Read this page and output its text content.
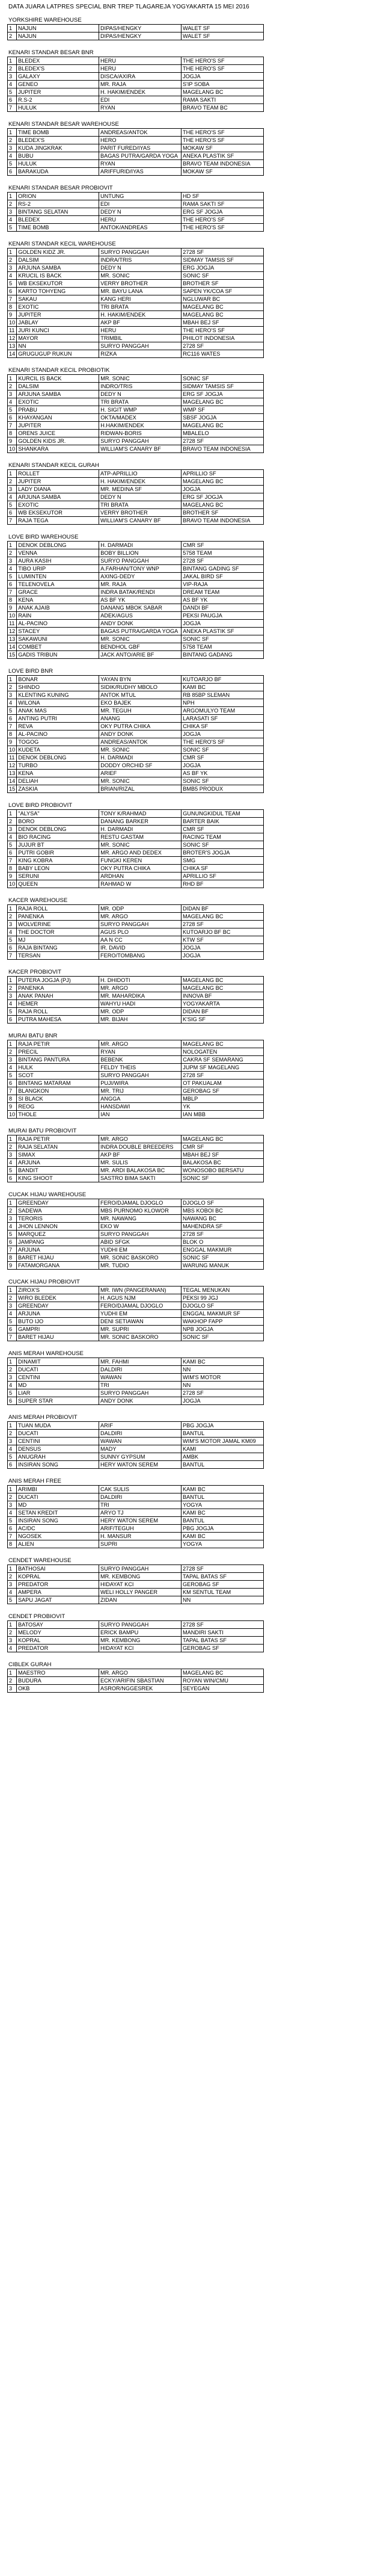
DATA JUARA LATPRES SPECIAL BNR TREP TLAGAREJA YOGYAKARTA 15 MEI 2016
YORKSHIRE WAREHOUSE
1	NAJUN	DIPAS/HENGKY	WALET SF
2	NAJUN	DIPAS/HENGKY	WALET SF
KENARI STANDAR BESAR BNR
1	BLEDEX	HERU	THE HERO'S SF
2	BLEDEX'S	HERU	THE HERO'S SF
3	GALAXY	DISCA/AXIRA	JOGJA
4	GENEO	MR. RAJA	S'IP SOBA
5	JUPITER	H. HAKIM/ENDEK	MAGELANG BC
6	R.S-2	EDI	RAMA SAKTI
7	HULUK	RYAN	BRAVO TEAM BC
KENARI STANDAR BESAR WAREHOUSE
1	TIME BOMB	ANDREAS/ANTOK	THE HERO'S SF
2	BLEDEX'S	HERO	THE HERO'S SF
3	KUDA JINGKRAK	PARIT FURED/IYAS	MOKAW SF
4	BUBU	BAGAS PUTRA/GARDA YOGA	ANEKA PLASTIK SF
5	HULUK	RYAN	BRAVO TEAM INDONESIA
6	BARAKUDA	ARIFFURID/IYAS	MOKAW SF
KENARI STANDAR BESAR PROBIOVIT
1	ORION	UNTUNG	HD SF
2	RS-2	EDI	RAMA SAKTI SF
3	BINTANG SELATAN	DEDY N	ERG SF JOGJA
4	BLEDEX	HERU	THE HERO'S SF
5	TIME BOMB	ANTOK/ANDREAS	THE HERO'S SF
KENARI STANDAR KECIL WAREHOUSE
1	GOLDEN KIDZ JR.	SURYO PANGGAH	2728 SF
2	DALSIM	INDRA/TRIS	SIDMAY TAMSIS SF
3	ARJUNA SAMBA	DEDY N	ERG JOGJA
4	KRUCIL IS BACK	MR. SONIC	SONIC SF
5	WB EKSEKUTOR	VERRY BROTHER	BROTHER SF
6	KARTO TOHYENG	MR. BAYU LANA	SAPEN YK/COA SF
7	SAKAU	KANG HERI	NGLUWAR BC
8	EXOTIC	TRI BRATA	MAGELANG BC
9	JUPITER	H. HAKIM/ENDEK	MAGELANG BC
10	JABLAY	AKP BF	MBAH BEJ SF
11	JURI KUNCI	HERU	THE HERO'S SF
12	MAYOR	TRIMBIL	PHILOT INDONESIA
13	NN	SURYO PANGGAH	2728 SF
14	GRUGUGUP RUKUN	RIZKA	RC116 WATES
KENARI STANDAR KECIL PROBIOTIK
1	KURCIL IS BACK	MR. SONIC	SONIC SF
2	DALSIM	INDRO/TRIS	SIDMAY TAMSIS SF
3	ARJUNA SAMBA	DEDY N	ERG SF JOGJA
4	EXOTIC	TRI BRATA	MAGELANG BC
5	PRABU	H. SIGIT WMP	WMP SF
6	KHAYANGAN	OKTA/MADEX	SBSF JOGJA
7	JUPITER	H.HAKIM/ENDEK	MAGELANG BC
8	ORENS JUICE	RIDWAN-BORIS	MBALELO
9	GOLDEN KIDS JR.	SURYO PANGGAH	2728 SF
10	SHANKARA	WILLIAM'S CANARY BF	BRAVO TEAM INDONESIA
KENARI STANDAR KECIL GURAH
1	ROLLET	ATP-APRILLIO	APRILLIO SF
2	JUPITER	H. HAKIM/ENDEK	MAGELANG BC
3	LADY DIANA	MR. MEDINA SF	JOGJA
4	ARJUNA SAMBA	DEDY N	ERG SF JOGJA
5	EXOTIC	TRI BRATA	MAGELANG BC
6	WB EKSEKUTOR	VERRY BROTHER	BROTHER SF
7	RAJA TEGA	WILLIAM'S CANARY BF	BRAVO TEAM INDONESIA
LOVE BIRD WAREHOUSE
1	DENOK DEBLONG	H. DARMADI	CMR SF
2	VENNA	BOBY BILLION	5758 TEAM
3	AURA KASIH	SURYO PANGGAH	2728 SF
4	TIBO URIP	A.FARHAN/TONY WNP	BINTANG GADING SF
5	LUMINTEN	AXING-DEDY	JAKAL BIRD SF
6	TELENOVELA	MR. RAJA	VIP-RAJA
7	GRACE	INDRA BATAK/RENDI	DREAM TEAM
8	KENA	AS BF YK	AS BF YK
9	ANAK AJAIB	DANANG MBOK SABAR	DANDI BF
10	RAIN	ADEK/AGUS	PEKSI PAUGJA
11	AL-PACINO	ANDY DONK	JOGJA
12	STACEY	BAGAS PUTRA/GARDA YOGA	ANEKA PLASTIK SF
13	SAKAWUNI	MR. SONIC	SONIC SF
14	COMBET	BENDHOL GBF	5758 TEAM
15	GADIS TRIBUN	JACK ANTO/ARIE BF	BINTANG GADANG
LOVE BIRD BNR
1	BONAR	YAYAN BYN	KUTOARJO BF
2	SHINDO	SIDIK/RUDHY MBOLO	KAMI BC
3	KLENTING KUNING	ANTOK MTUL	RB 85BP SLEMAN
4	WILONA	EKO BAJEK	NPH
5	ANAK MAS	MR. TEGUH	ARGOMULYO TEAM
6	ANTING PUTRI	ANANG	LARASATI SF
7	REVA	OKY PUTRA CHIKA	CHIKA SF
8	AL-PACINO	ANDY DONK	JOGJA
9	TOGOG	ANDREAS/ANTOK	THE HERO'S SF
10	KUDETA	MR. SONIC	SONIC SF
11	DENOK DEBLONG	H. DARMADI	CMR SF
12	TURBO	DODDY ORCHID SF	JOGJA
13	KENA	ARIEF	AS BF YK
14	DELIAH	MR. SONIC	SONIC SF
15	ZASKIA	BRIAN/RIZAL	BMB5 PRODUX
LOVE BIRD PROBIOVIT
1	"ALYSA"	TONY K/RAHMAD	GUNUNGKIDUL TEAM
2	BORO	DANANG BARKER	BARTER BAIK
3	DENOK DEBLONG	H. DARMADI	CMR SF
4	BIO RACING	RESTU GASTAM	RACING TEAM
5	JUJUR BT	MR. SONIC	SONIC SF
6	PUTRI GOBIR	MR. ARGO AND DEDEX	BROTER'S JOGJA
7	KING KOBRA	FUNGKI KEREN	SMG
8	BABY LEON	OKY PUTRA CHIKA	CHIKA SF
9	SERUNI	ARDHAN	APRILLIO SF
10	QUEEN	RAHMAD W	RHD BF
KACER WAREHOUSE
1	RAJA ROLL	MR. ODP	DIDAN BF
2	PANENKA	MR. ARGO	MAGELANG BC
3	WOLVERINE	SURYO PANGGAH	2728 SF
4	THE DOCTOR	AGUS PLO	KUTOARJO BF BC
5	MJ	AA N CC	KTW SF
6	RAJA BINTANG	IR. DAVID	JOGJA
7	TERSAN	FERO/TOMBANG	JOGJA
KACER PROBIOVIT
1	PUTERA JOGJA (PJ)	H. DHIDOTI	MAGELANG BC
2	PANENKA	MR. ARGO	MAGELANG BC
3	ANAK PANAH	MR. MAHARDIKA	INNOVA BF
4	HEMER	WAHYU HADI	YOGYAKARTA
5	RAJA ROLL	MR. ODP	DIDAN BF
6	PUTRA MAHESA	MR. BIJAH	K'SIG SF
MURAI BATU BNR
1	RAJA PETIR	MR. ARGO	MAGELANG BC
2	PRECIL	RYAN	NOLOGATEN
3	BINTANG PANTURA	BEBENK	CAKRA SF SEMARANG
4	HULK	FELDY THEIS	JUPM SF MAGELANG
5	SCOT	SURYO PANGGAH	2728 SF
6	BINTANG MATARAM	PUJI/WIRA	OT PAKUALAM
7	BLANGKON	MR. TRIJ	GEROBAG SF
8	SI BLACK	ANGGA	MBLP
9	REOG	HANSDAWI	YK
10	THOLE	IAN	IAN MBB
MURAI BATU PROBIOVIT
1	RAJA PETIR	MR. ARGO	MAGELANG BC
2	RAJA SELATAN	INDRA DOUBLE BREEDERS	CMR SF
3	SIMAX	AKP BF	MBAH BEJ SF
4	ARJUNA	MR. SULIS	BALAKOSA BC
5	BANDIT	MR. ARDI BALAKOSA BC	WONOSOBO BERSATU
6	KING SHOOT	SASTRO BIMA SAKTI	SONIC SF
CUCAK HIJAU WAREHOUSE
1	GREENDAY	FERO/DJAMAL DJOGLO	DJOGLO SF
2	SADEWA	MBS PURNOMO KLOWOR	MBS KOBOI BC
3	TERORIS	MR. NAWANG	NAWANG BC
4	JHON LENNON	EKO W	MAHENDRA SF
5	MARQUEZ	SURYO PANGGAH	2728 SF
6	JAMPANG	ABID SFGK	BLOK O
7	ARJUNA	YUDHI EM	ENGGAL MAKMUR
8	BARET HIJAU	MR. SONIC BASKORO	SONIC SF
9	FATAMORGANA	MR. TUDIO	WARUNG MANUK
CUCAK HIJAU PROBIOVIT
1	ZIROX'S	MR. IWN (PANGERANAN)	TEGAL MENUKAN
2	WIRO BLEDEK	H. AGUS NJM	PEKSI 99 JGJ
3	GREENDAY	FERO/DJAMAL DJOGLO	DJOGLO SF
4	ARJUNA	YUDHI EM	ENGGAL MAKMUR SF
5	BUTO IJO	DENI SETIAWAN	WAKHOP FAPP
6	GAMPRI	MR. SUPRI	NPB JOGJA
7	BARET HIJAU	MR. SONIC BASKORO	SONIC SF
ANIS MERAH WAREHOUSE
1	DINAMIT	MR. FAHMI	KAMI BC
2	DUCATI	DALDIRI	NN
3	CENTINI	WAWAN	WIM'S MOTOR
4	MD	TRI	NN
5	LIAR	SURYO PANGGAH	2728 SF
6	SUPER STAR	ANDY DONK	JOGJA
ANIS MERAH PROBIOVIT
1	TUAN MUDA	ARIF	PBG JOGJA
2	DUCATI	DALDIRI	BANTUL
3	CENTINI	WAWAN	WIM'S MOTOR JAMAL KM09
4	DENSUS	MADY	KAMI
5	ANUGRAH	SUNNY GYPSUM	AMBK
6	INSIRAN SONG	HERY WATON SEREM	BANTUL
ANIS MERAH FREE
1	ARIMBI	CAK SULIS	KAMI BC
2	DUCATI	DALDIRI	BANTUL
3	MD	TRI	YOGYA
4	SETAN KREDIT	ARYO TJ	KAMI BC
5	INSIRAN SONG	HERY WATON SEREM	BANTUL
6	AC/DC	ARIF/TEGUH	PBG JOGJA
7	NGOSEK	H. MANSUR	KAMI BC
8	ALIEN	SUPRI	YOGYA
CENDET WAREHOUSE
1	BATHOSAI	SURYO PANGGAH	2728 SF
2	KOPRAL	MR. KEMBONG	TAPAL BATAS SF
3	PREDATOR	HIDAYAT KCI	GEROBAG SF
4	AMPERA	WELI HOLLY PANGER	KM SENTUL TEAM
5	SAPU JAGAT	ZIDAN	NN
CENDET PROBIOVIT
1	BATOSAY	SURYO PANGGAH	2728 SF
2	MELODY	ERICK BAMPU	MANDIRI SAKTI
3	KOPRAL	MR. KEMBONG	TAPAL BATAS SF
4	PREDATOR	HIDAYAT KCI	GEROBAG SF
CIBLEK GURAH
1	MAESTRO	MR. ARGO	MAGELANG BC
2	BUDURA	ECKY/ARIFIN SBASTIAN	ROYAN WIN/CMU
3	OKB	ASROR/NGGESREK	SEYEGAN
